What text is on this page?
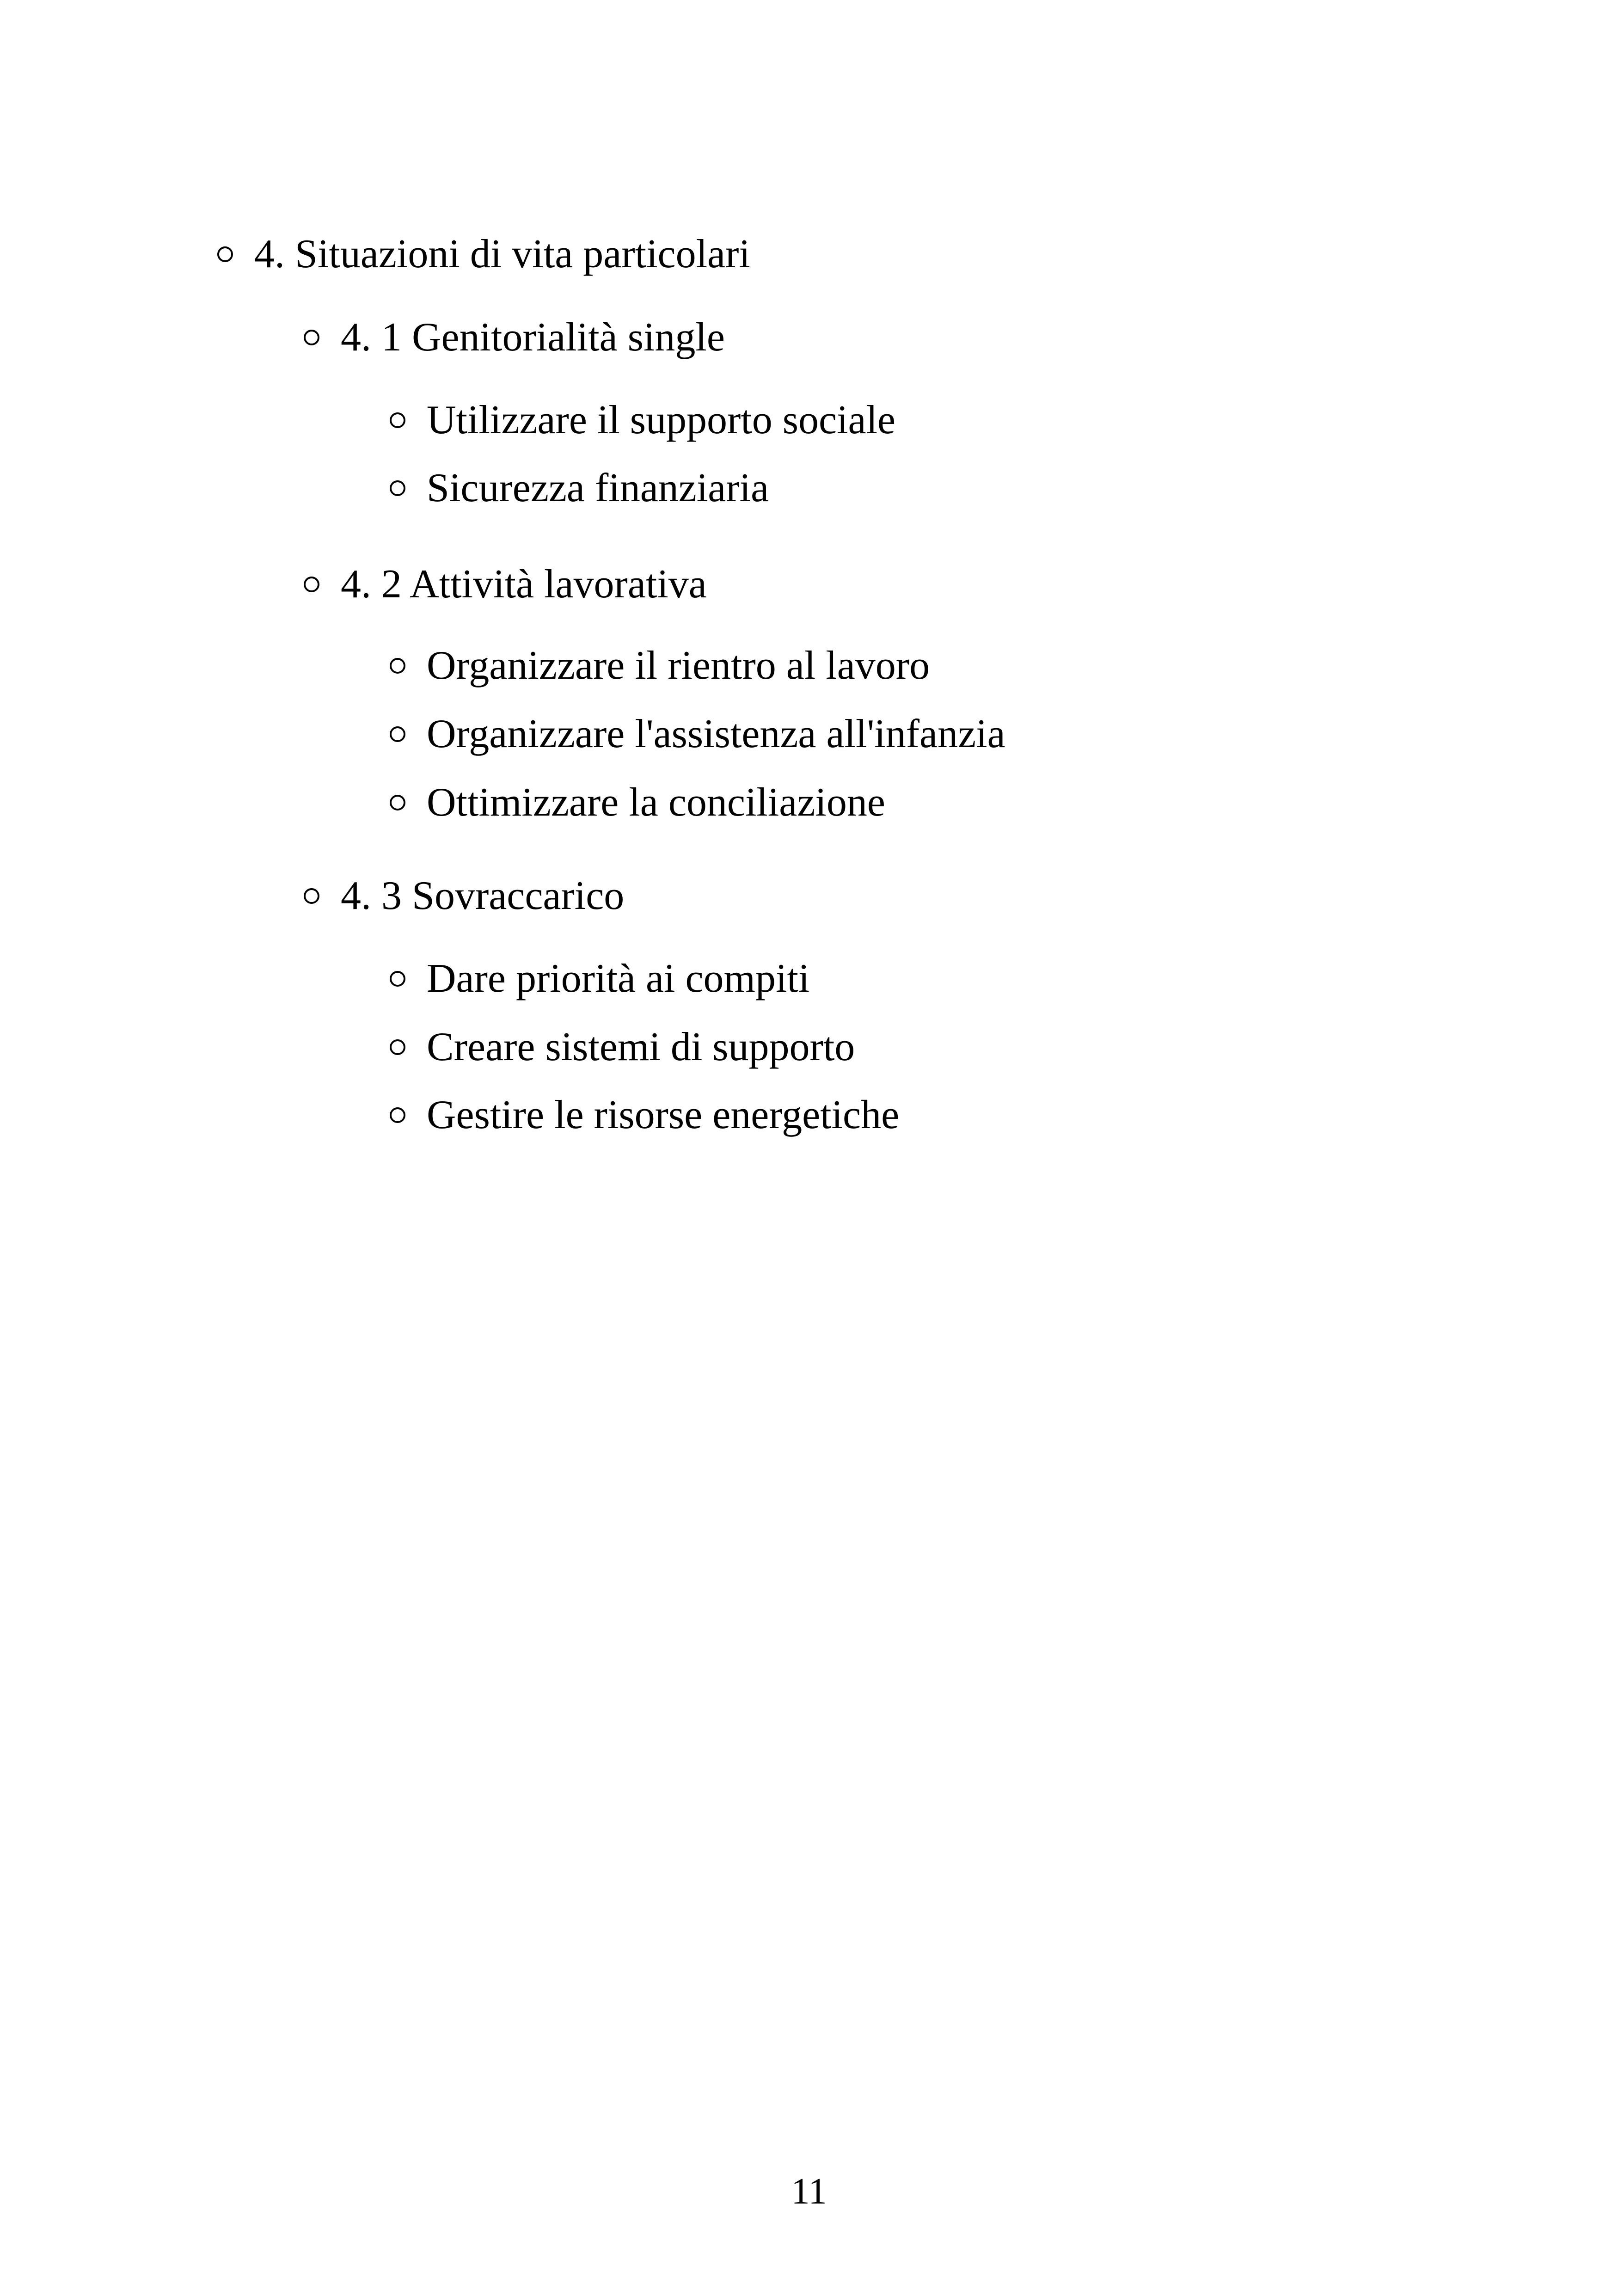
4. Situazioni di vita particolari
4. 1 Genitorialità single
Utilizzare il supporto sociale
Sicurezza finanziaria
4. 2 Attività lavorativa
Organizzare il rientro al lavoro
Organizzare l'assistenza all'infanzia
Ottimizzare la conciliazione
4. 3 Sovraccarico
Dare priorità ai compiti
Creare sistemi di supporto
Gestire le risorse energetiche
11
